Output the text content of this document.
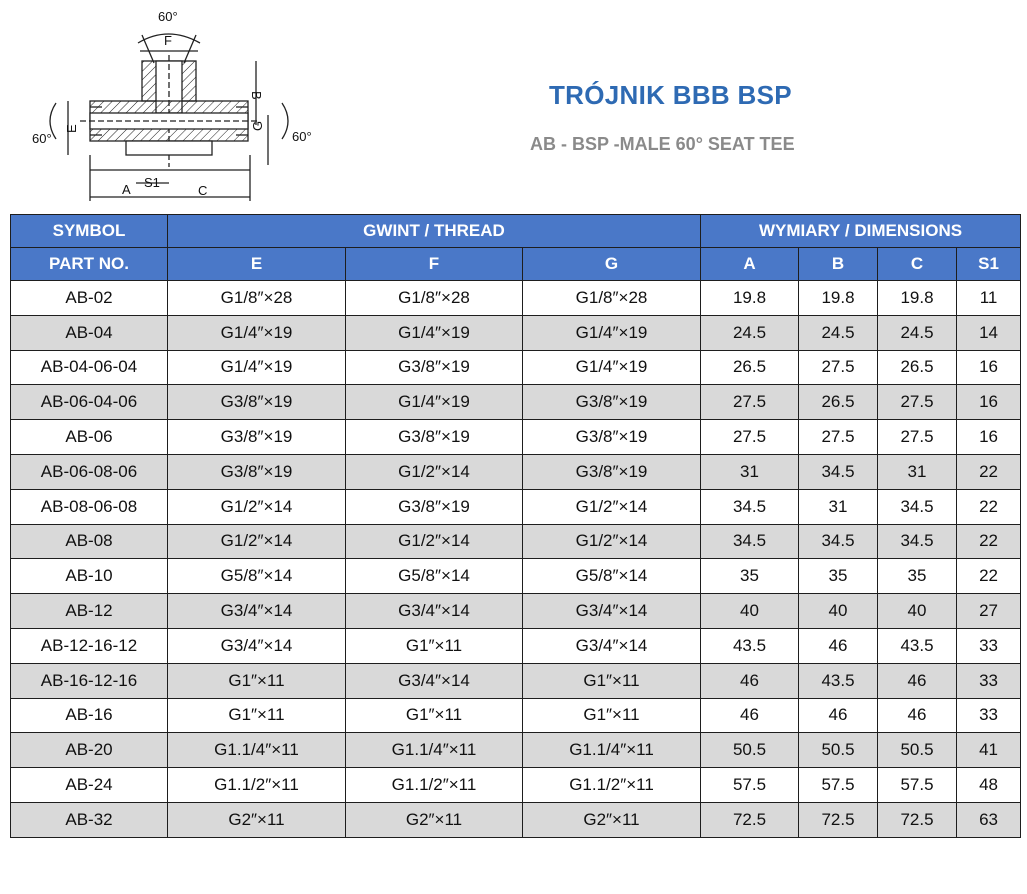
60°
F
B
E	G
60°	60°
A S1
C
TRÓJNIK BBB BSP
AB - BSP -MALE 60° SEAT TEE
SYMBOL	GWINT / THREAD			WYMIARY / DIMENSIONS			
PART NO.	E	F	G	A	B	C	S1
AB-02	G1/8″×28	G1/8″×28	G1/8″×28	19.8	19.8	19.8	11
AB-04	G1/4″×19	G1/4″×19	G1/4″×19	24.5	24.5	24.5	14
AB-04-06-04	G1/4″×19	G3/8″×19	G1/4″×19	26.5	27.5	26.5	16
AB-06-04-06	G3/8″×19	G1/4″×19	G3/8″×19	27.5	26.5	27.5	16
AB-06	G3/8″×19	G3/8″×19	G3/8″×19	27.5	27.5	27.5	16
AB-06-08-06	G3/8″×19	G1/2″×14	G3/8″×19	31	34.5	31	22
AB-08-06-08	G1/2″×14	G3/8″×19	G1/2″×14	34.5	31	34.5	22
AB-08	G1/2″×14	G1/2″×14	G1/2″×14	34.5	34.5	34.5	22
AB-10	G5/8″×14	G5/8″×14	G5/8″×14	35	35	35	22
AB-12	G3/4″×14	G3/4″×14	G3/4″×14	40	40	40	27
AB-12-16-12	G3/4″×14	G1″×11	G3/4″×14	43.5	46	43.5	33
AB-16-12-16	G1″×11	G3/4″×14	G1″×11	46	43.5	46	33
AB-16	G1″×11	G1″×11	G1″×11	46	46	46	33
AB-20	G1.1/4″×11	G1.1/4″×11	G1.1/4″×11	50.5	50.5	50.5	41
AB-24	G1.1/2″×11	G1.1/2″×11	G1.1/2″×11	57.5	57.5	57.5	48
AB-32	G2″×11	G2″×11	G2″×11	72.5	72.5	72.5	63
